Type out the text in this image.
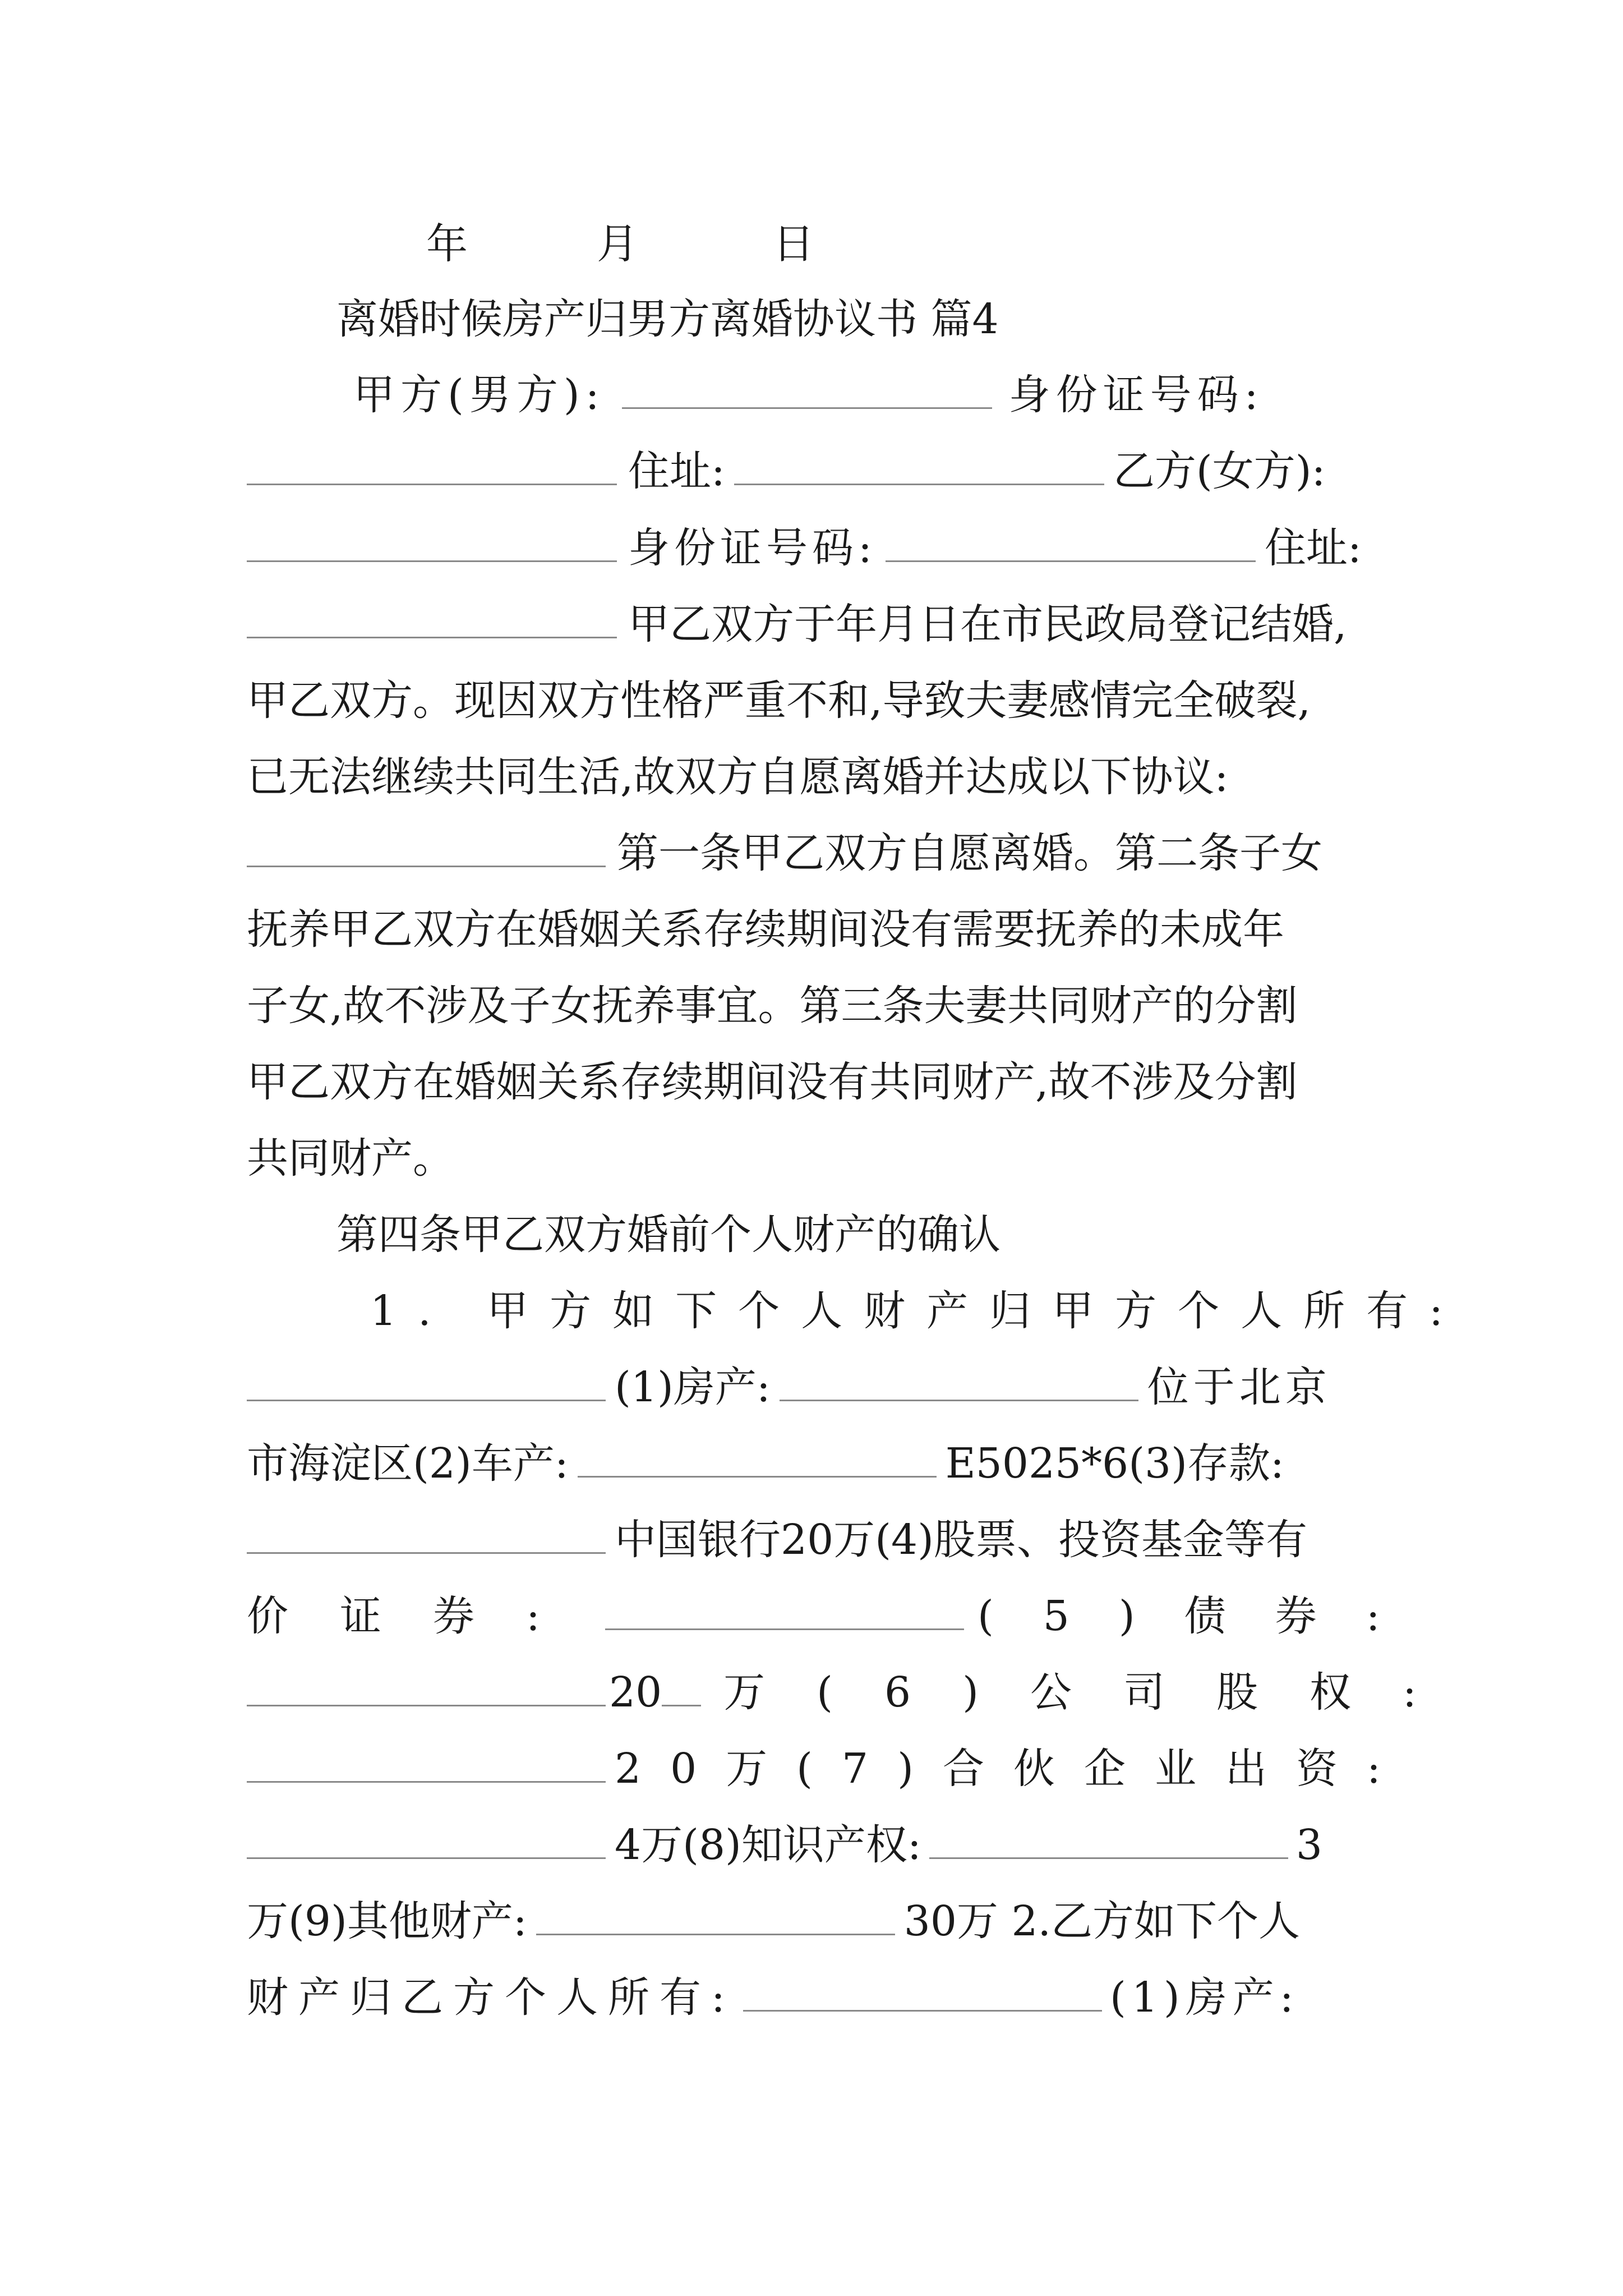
年	月	日
离婚时候房产归男方离婚协议书 篇4
甲方(男方):	身份证号码:
住址:	乙方(女方):
身份证号码:	住址:
甲乙双方于年月日在市民政局登记结婚,
甲乙双方。现因双方性格严重不和,导致夫妻感情完全破裂,
已无法继续共同生活,故双方自愿离婚并达成以下协议:
第一条甲乙双方自愿离婚。第二条子女
抚养甲乙双方在婚姻关系存续期间没有需要抚养的未成年
子女,故不涉及子女抚养事宜。第三条夫妻共同财产的分割
甲乙双方在婚姻关系存续期间没有共同财产,故不涉及分割
共同财产。
第四条甲乙双方婚前个人财产的确认
1. 甲方如下个人财产归甲方个人所有:
(1)房产:	位于北京
市海淀区(2)车产:	E5025*6(3)存款:
中国银行20万(4)股票、投资基金等有
价证券:	(5)债券:
20 万(6)公司股权:
20万(7)合伙企业出资:
4万(8)知识产权:	3
万(9)其他财产:	30万 2.乙方如下个人
财产归乙方个人所有:	(1)房产:
